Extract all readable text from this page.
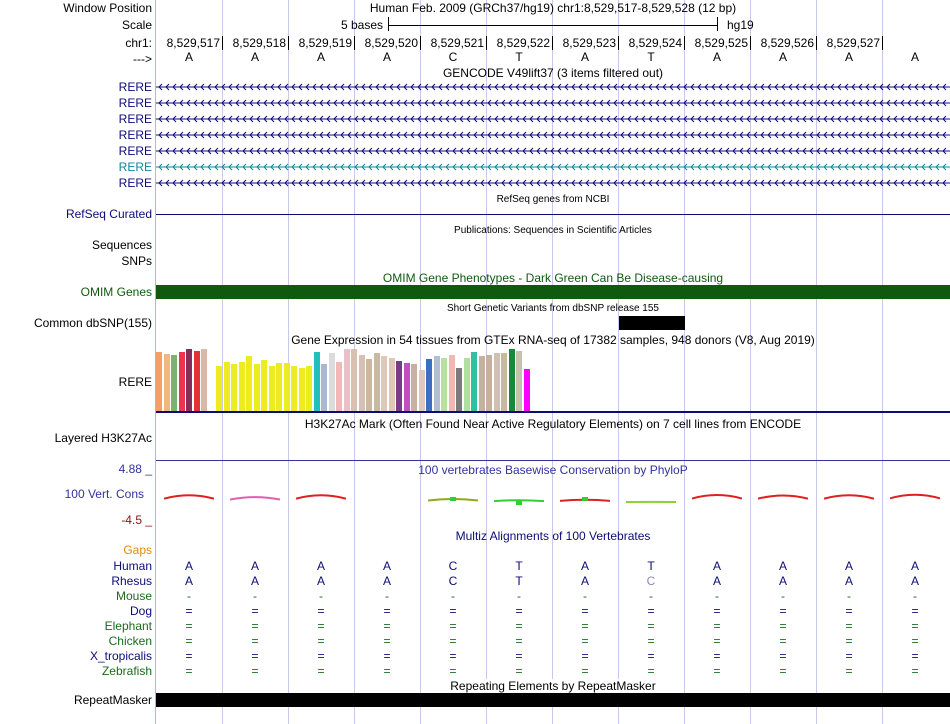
Window Position	Human Feb. 2009 (GRCh37/hg19) chr1:8,529,517-8,529,528 (12 bp)
Scale	5 bases	hg19
chr1:	8,529,517	8,529,518	8,529,519	8,529,520	8,529,521	8,529,522	8,529,523	8,529,524	8,529,525	8,529,526	8,529,527
--->	A	A	A	A	C	T	A	T	A	A	A	A
GENCODE V49lift37 (3 items filtered out)
RERE
RERE
RERE
RERE
RERE
RERE
RERE
RefSeq genes from NCBI
RefSeq Curated
Publications: Sequences in Scientific Articles
Sequences
SNPs
OMIM Gene Phenotypes - Dark Green Can Be Disease-causing
OMIM Genes
Short Genetic Variants from dbSNP release 155
Common dbSNP(155)
Gene Expression in 54 tissues from GTEx RNA-seq of 17382 samples, 948 donors (V8, Aug 2019)
RERE
H3K27Ac Mark (Often Found Near Active Regulatory Elements) on 7 cell lines from ENCODE
Layered H3K27Ac
100 vertebrates Basewise Conservation by PhyloP
4.88 _
100 Vert. Cons
-4.5 _
Multiz Alignments of 100 Vertebrates
Gaps
Human	A	A	A	A	C	T	A	T	A	A	A	A
Rhesus	A	A	A	A	C	T	A	C	A	A	A	A
Mouse	-	-	-	-	-	-	-	-	-	-	-	-
Dog	=	=	=	=	=	=	=	=	=	=	=	=
Elephant	=	=	=	=	=	=	=	=	=	=	=	=
Chicken	=	=	=	=	=	=	=	=	=	=	=	=
X_tropicalis	=	=	=	=	=	=	=	=	=	=	=	=
Zebrafish	=	=	=	=	=	=	=	=	=	=	=	=
Repeating Elements by RepeatMasker
RepeatMasker
